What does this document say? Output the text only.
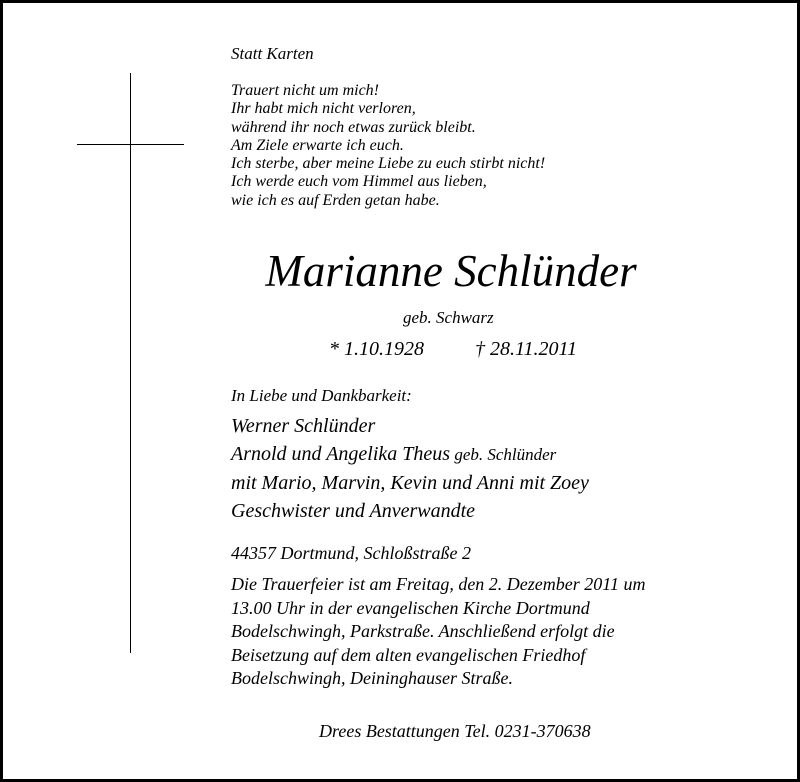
Statt Karten
Trauert nicht um mich!
Ihr habt mich nicht verloren,
während ihr noch etwas zurück bleibt.
Am Ziele erwarte ich euch.
Ich sterbe, aber meine Liebe zu euch stirbt nicht!
Ich werde euch vom Himmel aus lieben,
wie ich es auf Erden getan habe.
Marianne Schlünder
geb. Schwarz
* 1.10.1928	† 28.11.2011
In Liebe und Dankbarkeit:
Werner Schlünder
Arnold und Angelika Theus geb. Schlünder
mit Mario, Marvin, Kevin und Anni mit Zoey
Geschwister und Anverwandte
44357 Dortmund, Schloßstraße 2
Die Trauerfeier ist am Freitag, den 2. Dezember 2011 um
13.00 Uhr in der evangelischen Kirche Dortmund
Bodelschwingh, Parkstraße. Anschließend erfolgt die
Beisetzung auf dem alten evangelischen Friedhof
Bodelschwingh, Deininghauser Straße.
Drees Bestattungen Tel. 0231-370638
